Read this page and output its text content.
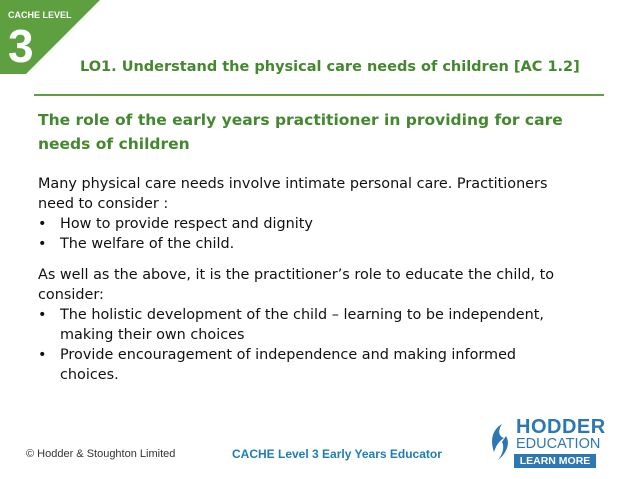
CACHE LEVEL
3	LO1. Understand the physical care needs of children [AC 1.2]
The role of the early years practitioner in providing for care
needs of children

Many physical care needs involve intimate personal care. Practitioners
need to consider :

• How to provide respect and dignity
• The welfare of the child.

As well as the above, it is the practitioner’s role to educate the child, to
consider:

• The holistic development of the child – learning to be independent,
making their own choices
• Provide encouragement of independence and making informed
choices.
© Hodder & Stoughton Limited	CACHE Level 3 Early Years Educator
HODDER
EDUCATION
LEARN MORE
